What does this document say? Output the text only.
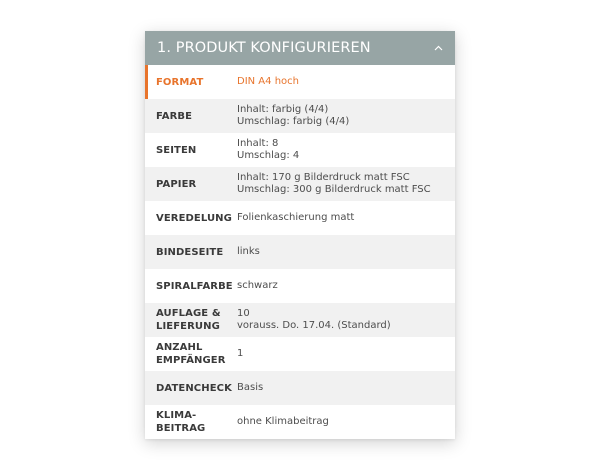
1. PRODUKT KONFIGURIEREN
FORMAT	DIN A4 hoch
FARBE
Inhalt: farbig (4/4)
Umschlag: farbig (4/4)
SEITEN
Inhalt: 8
Umschlag: 4
PAPIER
Inhalt: 170 g Bilderdruck matt FSC
Umschlag: 300 g Bilderdruck matt FSC
VEREDELUNG Folienkaschierung matt
BINDESEITE	links
SPIRALFARBE schwarz
AUFLAGE & LIEFERUNG
10
vorauss. Do. 17.04. (Standard)
ANZAHL EMPFÄNGER
1
DATENCHECK Basis
KLIMA-BEITRAG
ohne Klimabeitrag
